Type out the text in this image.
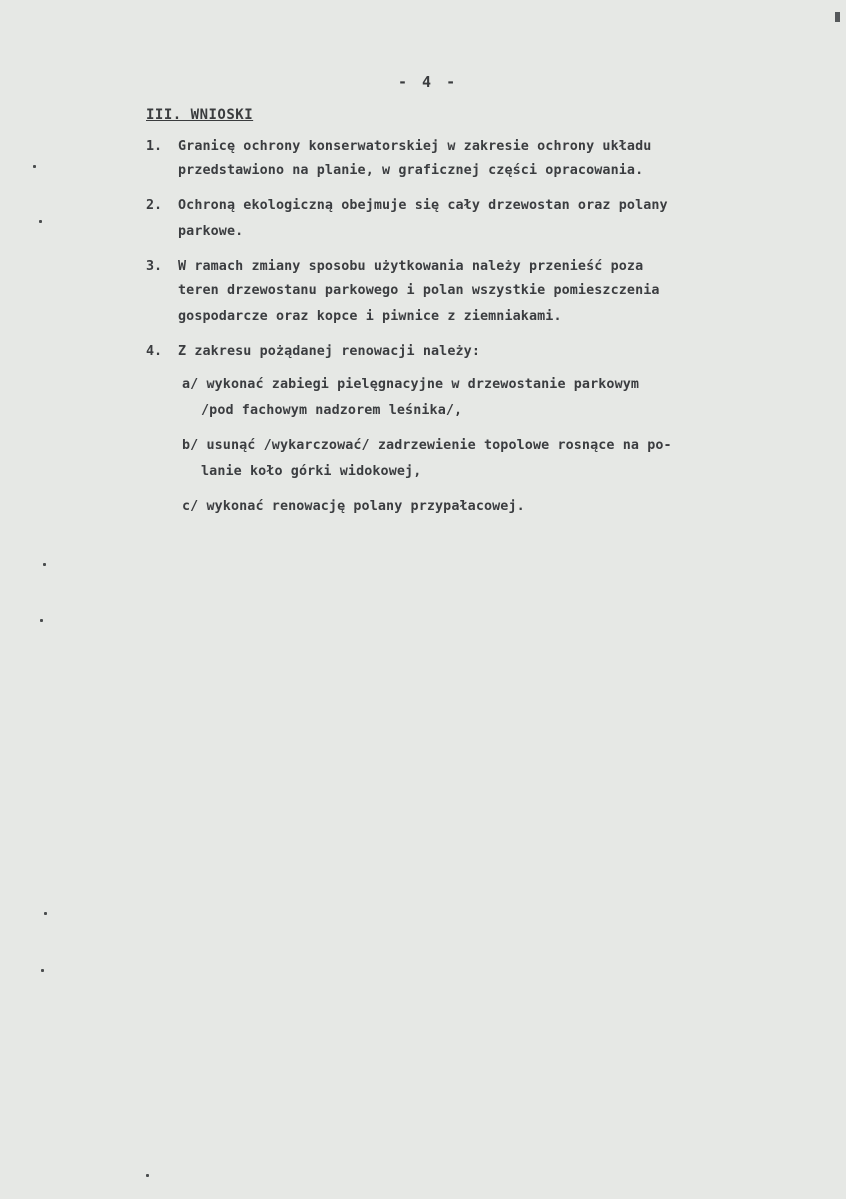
- 4 -
III. WNIOSKI
1. Granicę ochrony konserwatorskiej w zakresie ochrony układu
przedstawiono na planie, w graficznej części opracowania.
2. Ochroną ekologiczną obejmuje się cały drzewostan oraz polany
parkowe.
3. W ramach zmiany sposobu użytkowania należy przenieść poza
teren drzewostanu parkowego i polan wszystkie pomieszczenia
gospodarcze oraz kopce i piwnice z ziemniakami.
4. Z zakresu pożądanej renowacji należy:
a/ wykonać zabiegi pielęgnacyjne w drzewostanie parkowym
/pod fachowym nadzorem leśnika/,
b/ usunąć /wykarczować/ zadrzewienie topolowe rosnące na po-
lanie koło górki widokowej,
c/ wykonać renowację polany przypałacowej.
